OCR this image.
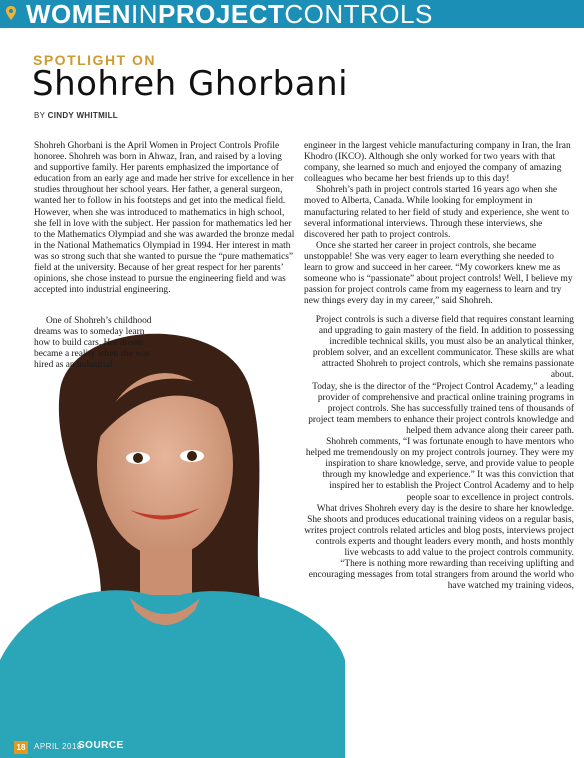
WOMENINPROJECTCONTROLS
SPOTLIGHT ON
Shohreh Ghorbani
BY CINDY WHITMILL

Shohreh Ghorbani is the April Women in Project Controls Profile honoree. Shohreh was born in Ahwaz, Iran, and raised by a loving and supportive family. Her parents emphasized the importance of education from an early age and made her strive for excellence in her studies throughout her school years. Her father, a general surgeon, wanted her to follow in his footsteps and get into the medical field. However, when she was introduced to mathematics in high school, she fell in love with the subject. Her passion for mathematics led her to the Mathematics Olympiad and she was awarded the bronze medal in the National Mathematics Olympiad in 1994. Her interest in math was so strong such that she wanted to pursue the “pure mathematics” field at the university. Because of her great respect for her parents’ opinions, she chose instead to pursue the engineering field and was accepted into industrial engineering.

engineer in the largest vehicle manufacturing company in Iran, the Iran Khodro (IKCO). Although she only worked for two years with that company, she learned so much and enjoyed the company of amazing colleagues who became her best friends up to this day!

Shohreh’s path in project controls started 16 years ago when she moved to Alberta, Canada. While looking for employment in manufacturing related to her field of study and experience, she went to several informational interviews. Through these interviews, she discovered her path to project controls.

Once she started her career in project controls, she became unstoppable! She was very eager to learn everything she needed to learn to grow and succeed in her career. “My coworkers knew me as someone who is “passionate” about project controls! Well, I believe my passion for project controls came from my eagerness to learn and try new things every day in my career,” said Shohreh.

One of Shohreh’s childhood dreams was to someday learn how to build cars. Her dream became a reality when she was hired as an industrial

Project controls is such a diverse field that requires constant learning and upgrading to gain mastery of the field. In addition to possessing incredible technical skills, you must also be an analytical thinker, problem solver, and an excellent communicator. These skills are what attracted Shohreh to project controls, which she remains passionate about.

Today, she is the director of the “Project Control Academy,” a leading provider of comprehensive and practical online training programs in project controls. She has successfully trained tens of thousands of project team members to enhance their project controls knowledge and helped them advance along their career path.

Shohreh comments, “I was fortunate enough to have mentors who helped me tremendously on my project controls journey. They were my inspiration to share knowledge, serve, and provide value to people through my knowledge and experience.” It was this conviction that inspired her to establish the Project Control Academy and to help people soar to excellence in project controls.

What drives Shohreh every day is the desire to share her knowledge. She shoots and produces educational training videos on a regular basis, writes project controls related articles and blog posts, interviews project controls experts and thought leaders every month, and hosts monthly live webcasts to add value to the project controls community.

“There is nothing more rewarding than receiving uplifting and encouraging messages from total strangers from around the world who have watched my training videos,

18	APRIL 2018
SOURCE
